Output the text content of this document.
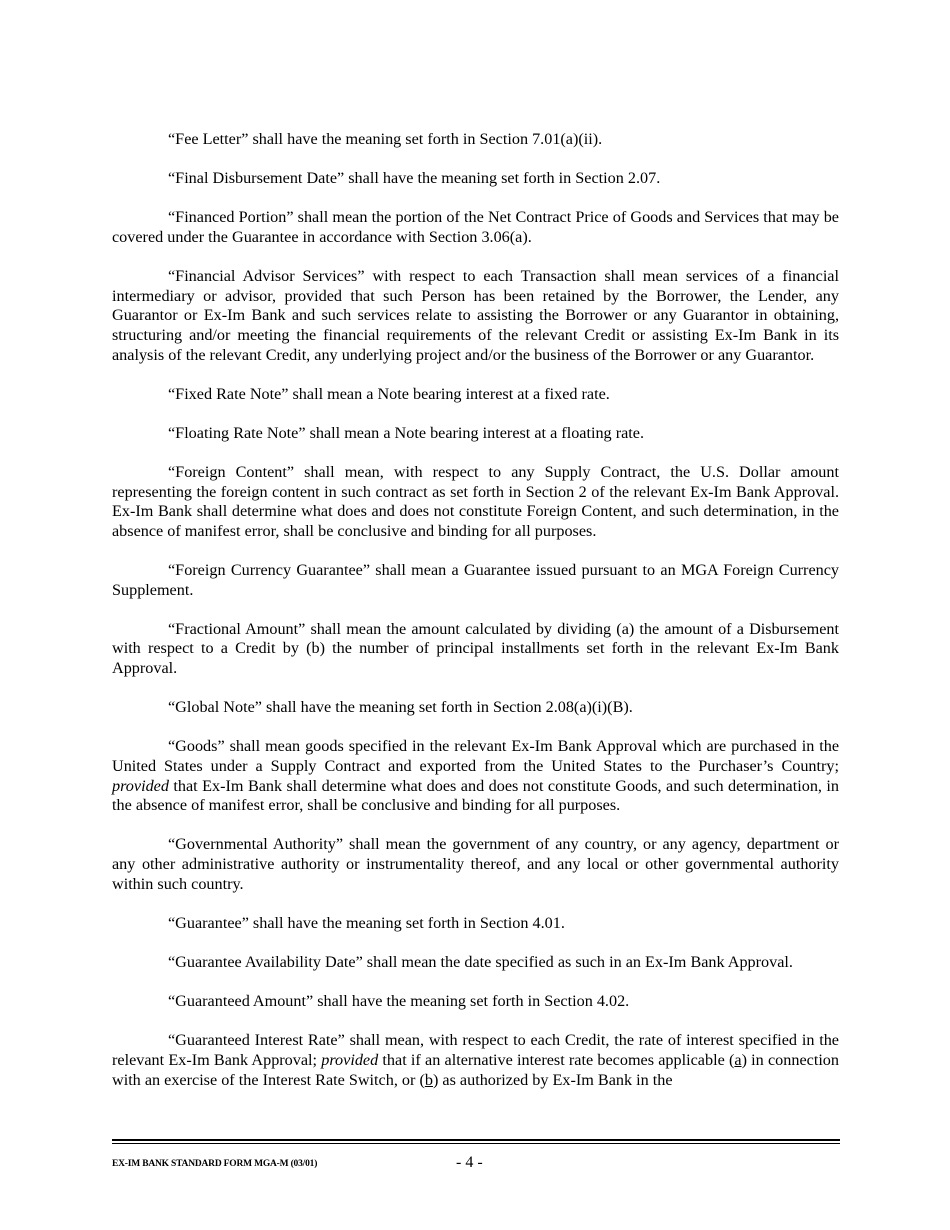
“Fee Letter” shall have the meaning set forth in Section 7.01(a)(ii).

“Final Disbursement Date” shall have the meaning set forth in Section 2.07.

“Financed Portion” shall mean the portion of the Net Contract Price of Goods and Services that may be covered under the Guarantee in accordance with Section 3.06(a).

“Financial Advisor Services” with respect to each Transaction shall mean services of a financial intermediary or advisor, provided that such Person has been retained by the Borrower, the Lender, any Guarantor or Ex-Im Bank and such services relate to assisting the Borrower or any Guarantor in obtaining, structuring and/or meeting the financial requirements of the relevant Credit or assisting Ex-Im Bank in its analysis of the relevant Credit, any underlying project and/or the business of the Borrower or any Guarantor.

“Fixed Rate Note” shall mean a Note bearing interest at a fixed rate.

“Floating Rate Note” shall mean a Note bearing interest at a floating rate.

“Foreign Content” shall mean, with respect to any Supply Contract, the U.S. Dollar amount representing the foreign content in such contract as set forth in Section 2 of the relevant Ex-Im Bank Approval. Ex-Im Bank shall determine what does and does not constitute Foreign Content, and such determination, in the absence of manifest error, shall be conclusive and binding for all purposes.

“Foreign Currency Guarantee” shall mean a Guarantee issued pursuant to an MGA Foreign Currency Supplement.

“Fractional Amount” shall mean the amount calculated by dividing (a) the amount of a Disbursement with respect to a Credit by (b) the number of principal installments set forth in the relevant Ex-Im Bank Approval.

“Global Note” shall have the meaning set forth in Section 2.08(a)(i)(B).

“Goods” shall mean goods specified in the relevant Ex-Im Bank Approval which are purchased in the United States under a Supply Contract and exported from the United States to the Purchaser’s Country; provided that Ex-Im Bank shall determine what does and does not constitute Goods, and such determination, in the absence of manifest error, shall be conclusive and binding for all purposes.

“Governmental Authority” shall mean the government of any country, or any agency, department or any other administrative authority or instrumentality thereof, and any local or other governmental authority within such country.

“Guarantee” shall have the meaning set forth in Section 4.01.

“Guarantee Availability Date” shall mean the date specified as such in an Ex-Im Bank Approval.

“Guaranteed Amount” shall have the meaning set forth in Section 4.02.

“Guaranteed Interest Rate” shall mean, with respect to each Credit, the rate of interest specified in the relevant Ex-Im Bank Approval; provided that if an alternative interest rate becomes applicable (a) in connection with an exercise of the Interest Rate Switch, or (b) as authorized by Ex-Im Bank in the

EX-IM BANK STANDARD FORM MGA-M (03/01)	- 4 -
